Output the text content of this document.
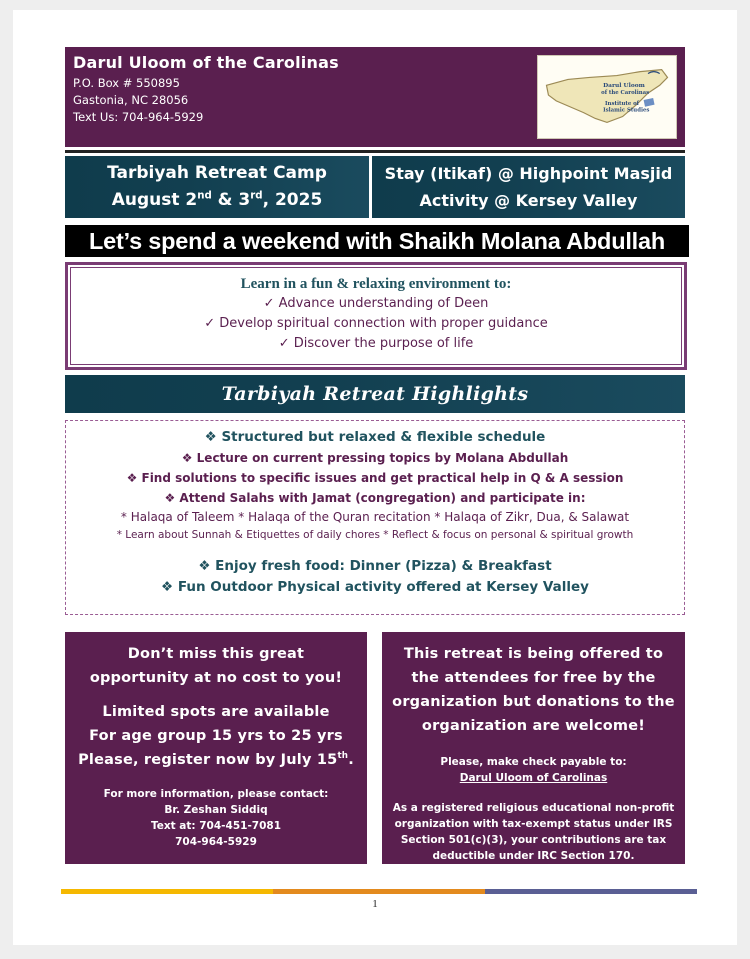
Darul Uloom of the Carolinas
P.O. Box # 550895
Gastonia, NC 28056
Text Us: 704-964-5929
Darul Uloom
of the Carolinas
Institute of
Islamic Studies
Tarbiyah Retreat Camp
August 2nd & 3rd, 2025
Stay (Itikaf) @ Highpoint Masjid
Activity @ Kersey Valley
Let’s spend a weekend with Shaikh Molana Abdullah
Learn in a fun & relaxing environment to:
✓ Advance understanding of Deen
✓ Develop spiritual connection with proper guidance
✓ Discover the purpose of life
Tarbiyah Retreat Highlights
❖ Structured but relaxed & flexible schedule
❖ Lecture on current pressing topics by Molana Abdullah
❖ Find solutions to specific issues and get practical help in Q & A session
❖ Attend Salahs with Jamat (congregation) and participate in:
* Halaqa of Taleem * Halaqa of the Quran recitation * Halaqa of Zikr, Dua, & Salawat
* Learn about Sunnah & Etiquettes of daily chores * Reflect & focus on personal & spiritual growth
❖ Enjoy fresh food: Dinner (Pizza) & Breakfast
❖ Fun Outdoor Physical activity offered at Kersey Valley
Don’t miss this great
opportunity at no cost to you!
Limited spots are available
For age group 15 yrs to 25 yrs
Please, register now by July 15th.
For more information, please contact:
Br. Zeshan Siddiq
Text at: 704-451-7081
704-964-5929
This retreat is being offered to
the attendees for free by the
organization but donations to the
organization are welcome!
Please, make check payable to:
Darul Uloom of Carolinas
As a registered religious educational non-profit
organization with tax-exempt status under IRS
Section 501(c)(3), your contributions are tax
deductible under IRC Section 170.
1
